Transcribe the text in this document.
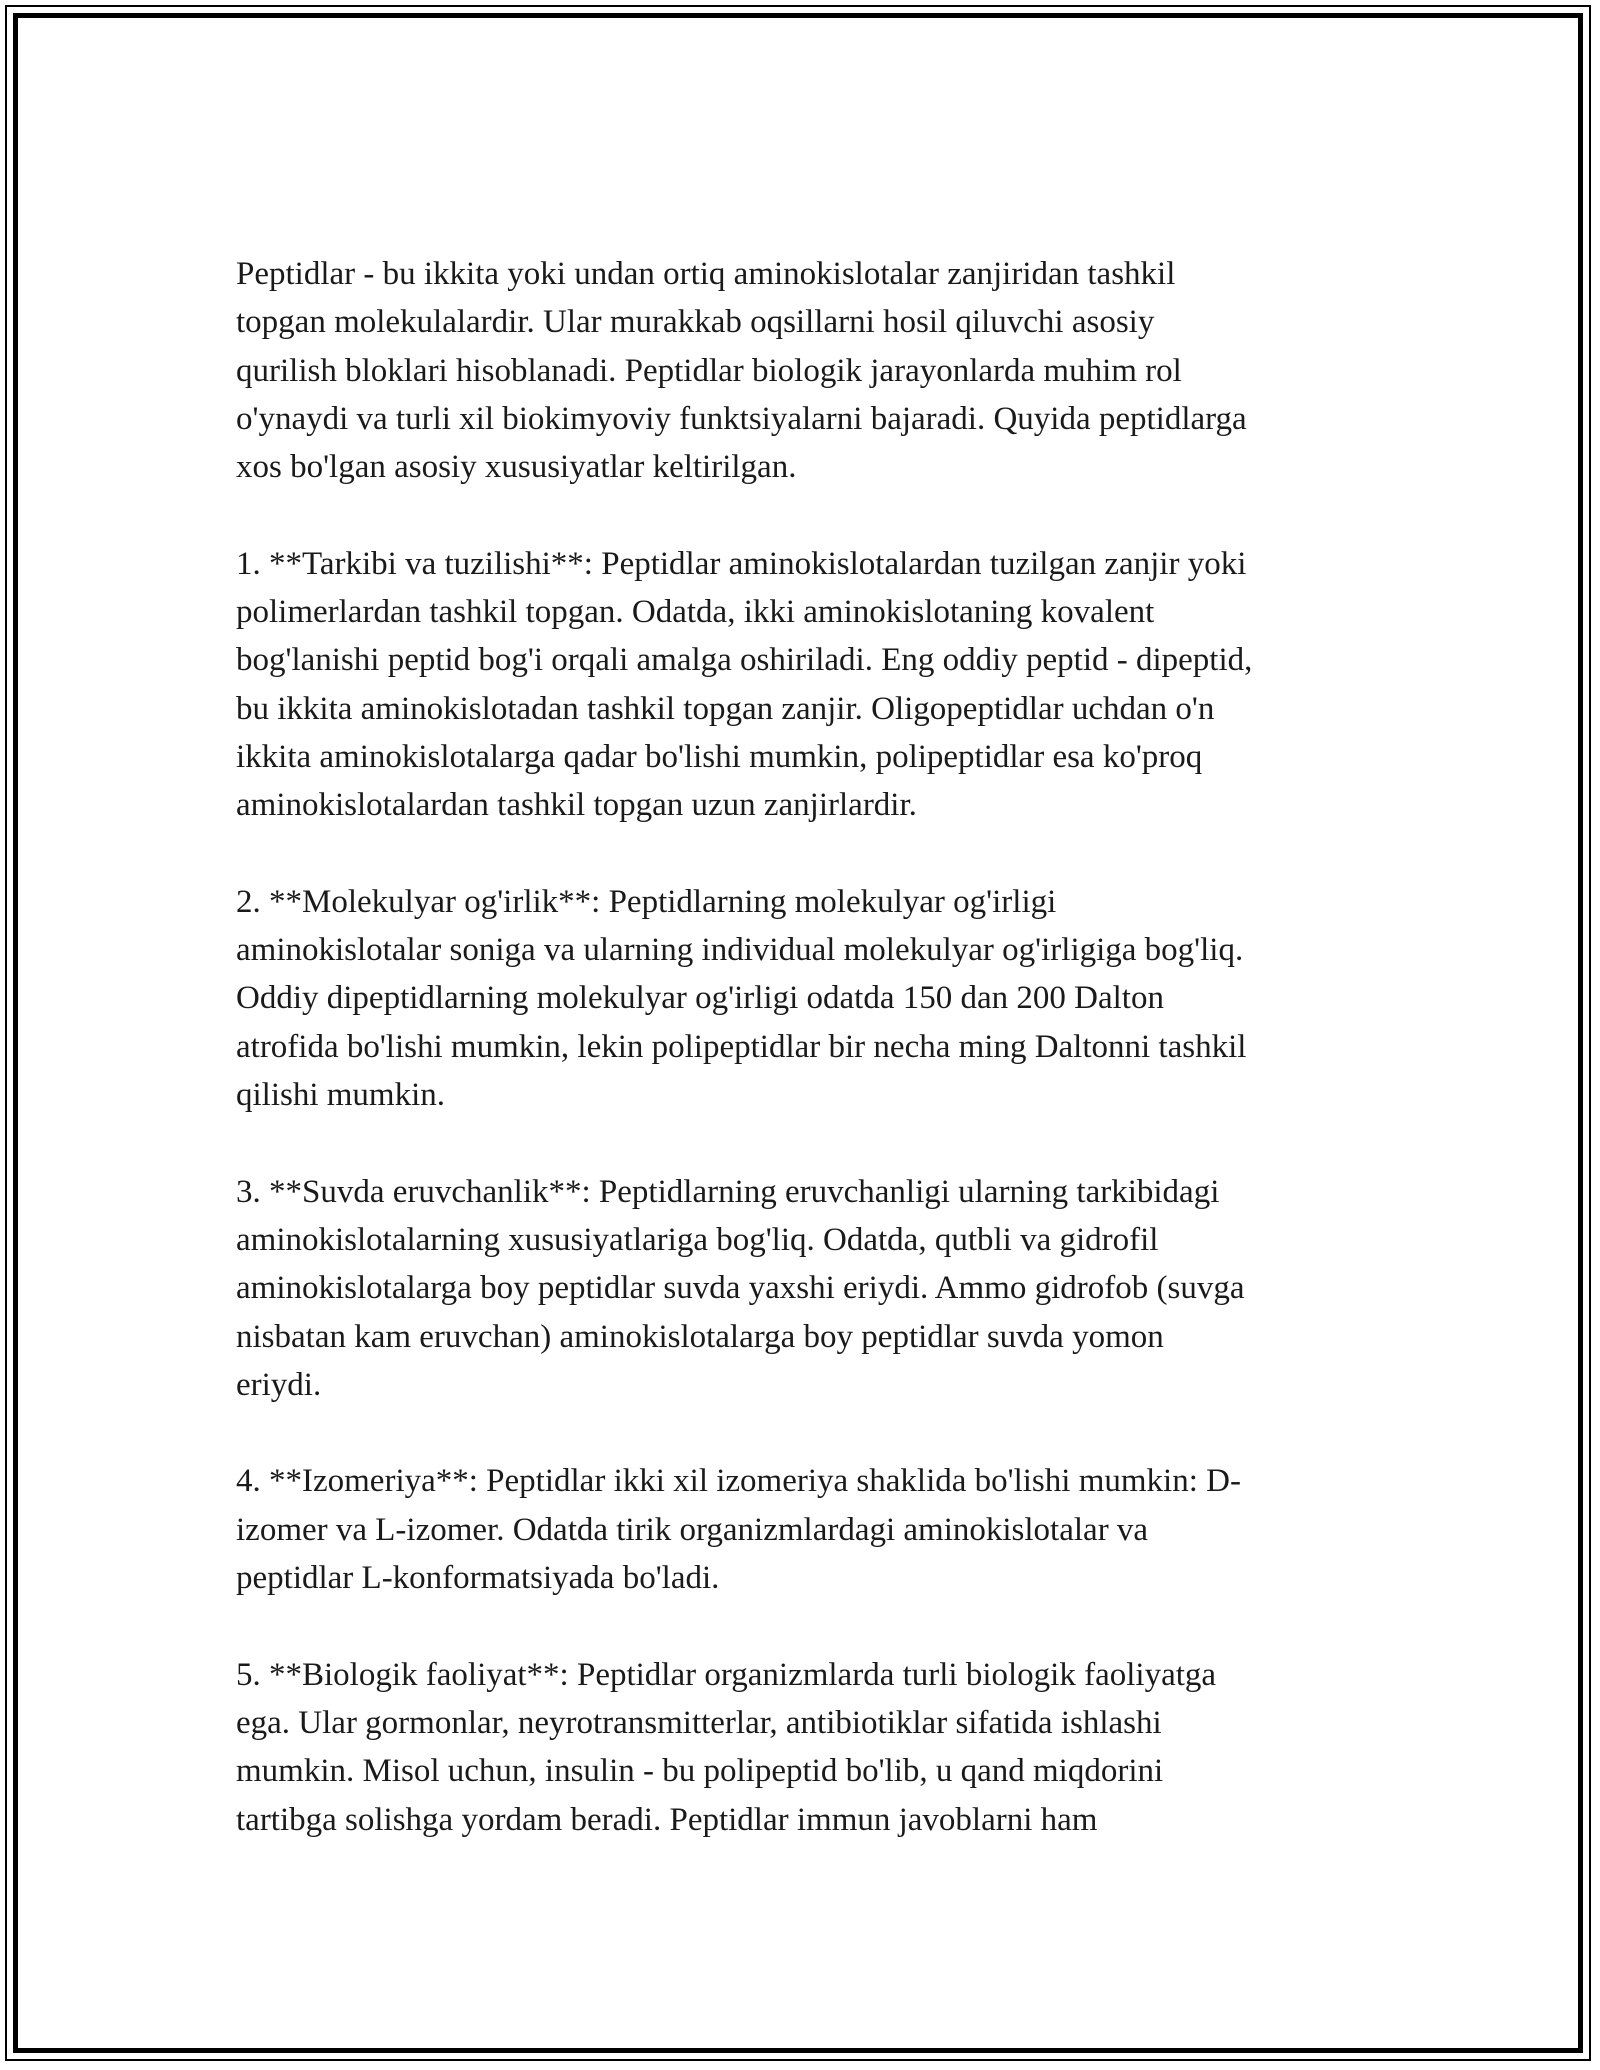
Peptidlar - bu ikkita yoki undan ortiq aminokislotalar zanjiridan tashkil
topgan molekulalardir. Ular murakkab oqsillarni hosil qiluvchi asosiy
qurilish bloklari hisoblanadi. Peptidlar biologik jarayonlarda muhim rol
o'ynaydi va turli xil biokimyoviy funktsiyalarni bajaradi. Quyida peptidlarga
xos bo'lgan asosiy xususiyatlar keltirilgan.
1. **Tarkibi va tuzilishi**: Peptidlar aminokislotalardan tuzilgan zanjir yoki
polimerlardan tashkil topgan. Odatda, ikki aminokislotaning kovalent
bog'lanishi peptid bog'i orqali amalga oshiriladi. Eng oddiy peptid - dipeptid,
bu ikkita aminokislotadan tashkil topgan zanjir. Oligopeptidlar uchdan o'n
ikkita aminokislotalarga qadar bo'lishi mumkin, polipeptidlar esa ko'proq
aminokislotalardan tashkil topgan uzun zanjirlardir.
2. **Molekulyar og'irlik**: Peptidlarning molekulyar og'irligi
aminokislotalar soniga va ularning individual molekulyar og'irligiga bog'liq.
Oddiy dipeptidlarning molekulyar og'irligi odatda 150 dan 200 Dalton
atrofida bo'lishi mumkin, lekin polipeptidlar bir necha ming Daltonni tashkil
qilishi mumkin.
3. **Suvda eruvchanlik**: Peptidlarning eruvchanligi ularning tarkibidagi
aminokislotalarning xususiyatlariga bog'liq. Odatda, qutbli va gidrofil
aminokislotalarga boy peptidlar suvda yaxshi eriydi. Ammo gidrofob (suvga
nisbatan kam eruvchan) aminokislotalarga boy peptidlar suvda yomon
eriydi.
4. **Izomeriya**: Peptidlar ikki xil izomeriya shaklida bo'lishi mumkin: D-
izomer va L-izomer. Odatda tirik organizmlardagi aminokislotalar va
peptidlar L-konformatsiyada bo'ladi.
5. **Biologik faoliyat**: Peptidlar organizmlarda turli biologik faoliyatga
ega. Ular gormonlar, neyrotransmitterlar, antibiotiklar sifatida ishlashi
mumkin. Misol uchun, insulin - bu polipeptid bo'lib, u qand miqdorini
tartibga solishga yordam beradi. Peptidlar immun javoblarni ham
